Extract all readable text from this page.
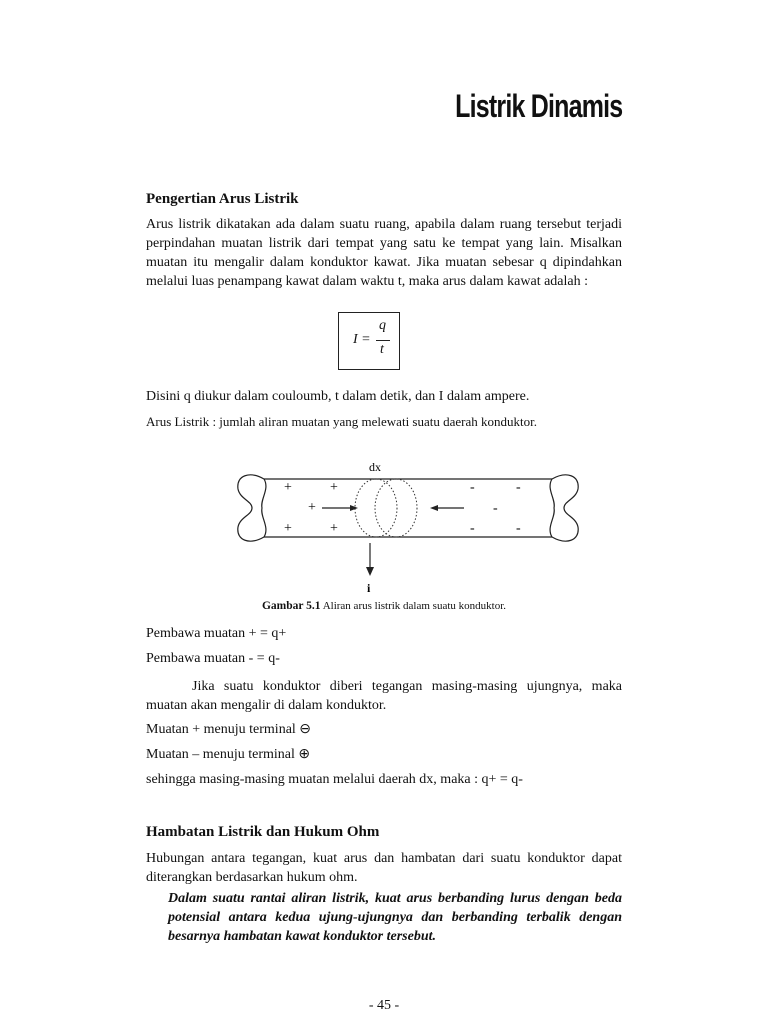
Listrik Dinamis
Pengertian Arus Listrik
Arus listrik dikatakan ada dalam suatu ruang, apabila dalam ruang tersebut terjadi perpindahan muatan listrik dari tempat yang satu ke tempat yang lain. Misalkan muatan itu mengalir dalam konduktor kawat. Jika muatan sebesar q dipindahkan melalui luas penampang kawat dalam waktu t, maka arus dalam kawat adalah :
I =
q
t
Disini q diukur dalam couloumb, t dalam detik, dan I dalam ampere.
Arus Listrik : jumlah aliran muatan yang melewati suatu daerah konduktor.
dx
+	+
+
+	+
-	-
-
-	-
i
Gambar 5.1 Aliran arus listrik dalam suatu konduktor.
Pembawa muatan + = q+
Pembawa muatan - = q-
Jika suatu konduktor diberi tegangan masing-masing ujungnya, maka muatan akan mengalir di dalam konduktor.
Muatan + menuju terminal ⊖
Muatan – menuju terminal ⊕
sehingga masing-masing muatan melalui daerah dx, maka : q+ = q-
Hambatan Listrik dan Hukum Ohm
Hubungan antara tegangan, kuat arus dan hambatan dari suatu konduktor dapat diterangkan berdasarkan hukum ohm.
Dalam suatu rantai aliran listrik, kuat arus berbanding lurus dengan beda potensial antara kedua ujung-ujungnya dan berbanding terbalik dengan besarnya hambatan kawat konduktor tersebut.
- 45 -
